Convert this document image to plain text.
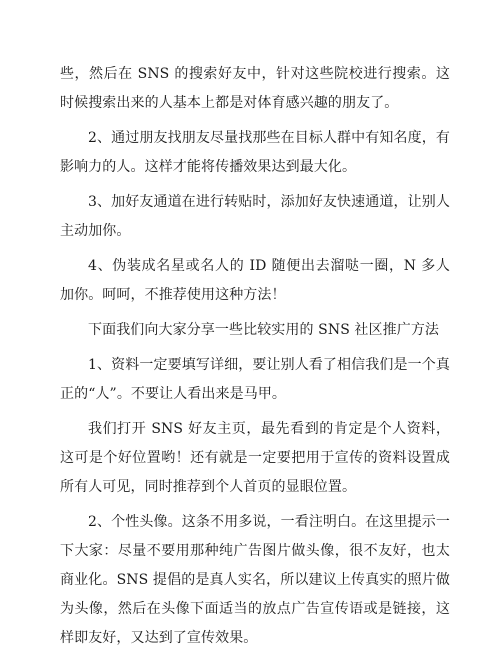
些，然后在 SNS 的搜索好友中，针对这些院校进行搜索。这时候搜索出来的人基本上都是对体育感兴趣的朋友了。

2、通过朋友找朋友尽量找那些在目标人群中有知名度，有影响力的人。这样才能将传播效果达到最大化。

3、加好友通道在进行转贴时，添加好友快速通道，让别人主动加你。

4、伪装成名星或名人的 ID 随便出去溜哒一圈，N 多人加你。呵呵，不推荐使用这种方法！

下面我们向大家分享一些比较实用的 SNS 社区推广方法

1、资料一定要填写详细，要让别人看了相信我们是一个真正的“人”。不要让人看出来是马甲。

我们打开 SNS 好友主页，最先看到的肯定是个人资料，这可是个好位置哟！还有就是一定要把用于宣传的资料设置成所有人可见，同时推荐到个人首页的显眼位置。

2、个性头像。这条不用多说，一看注明白。在这里提示一下大家：尽量不要用那种纯广告图片做头像，很不友好，也太商业化。SNS 提倡的是真人实名，所以建议上传真实的照片做为头像，然后在头像下面适当的放点广告宣传语或是链接，这样即友好，又达到了宣传效果。
